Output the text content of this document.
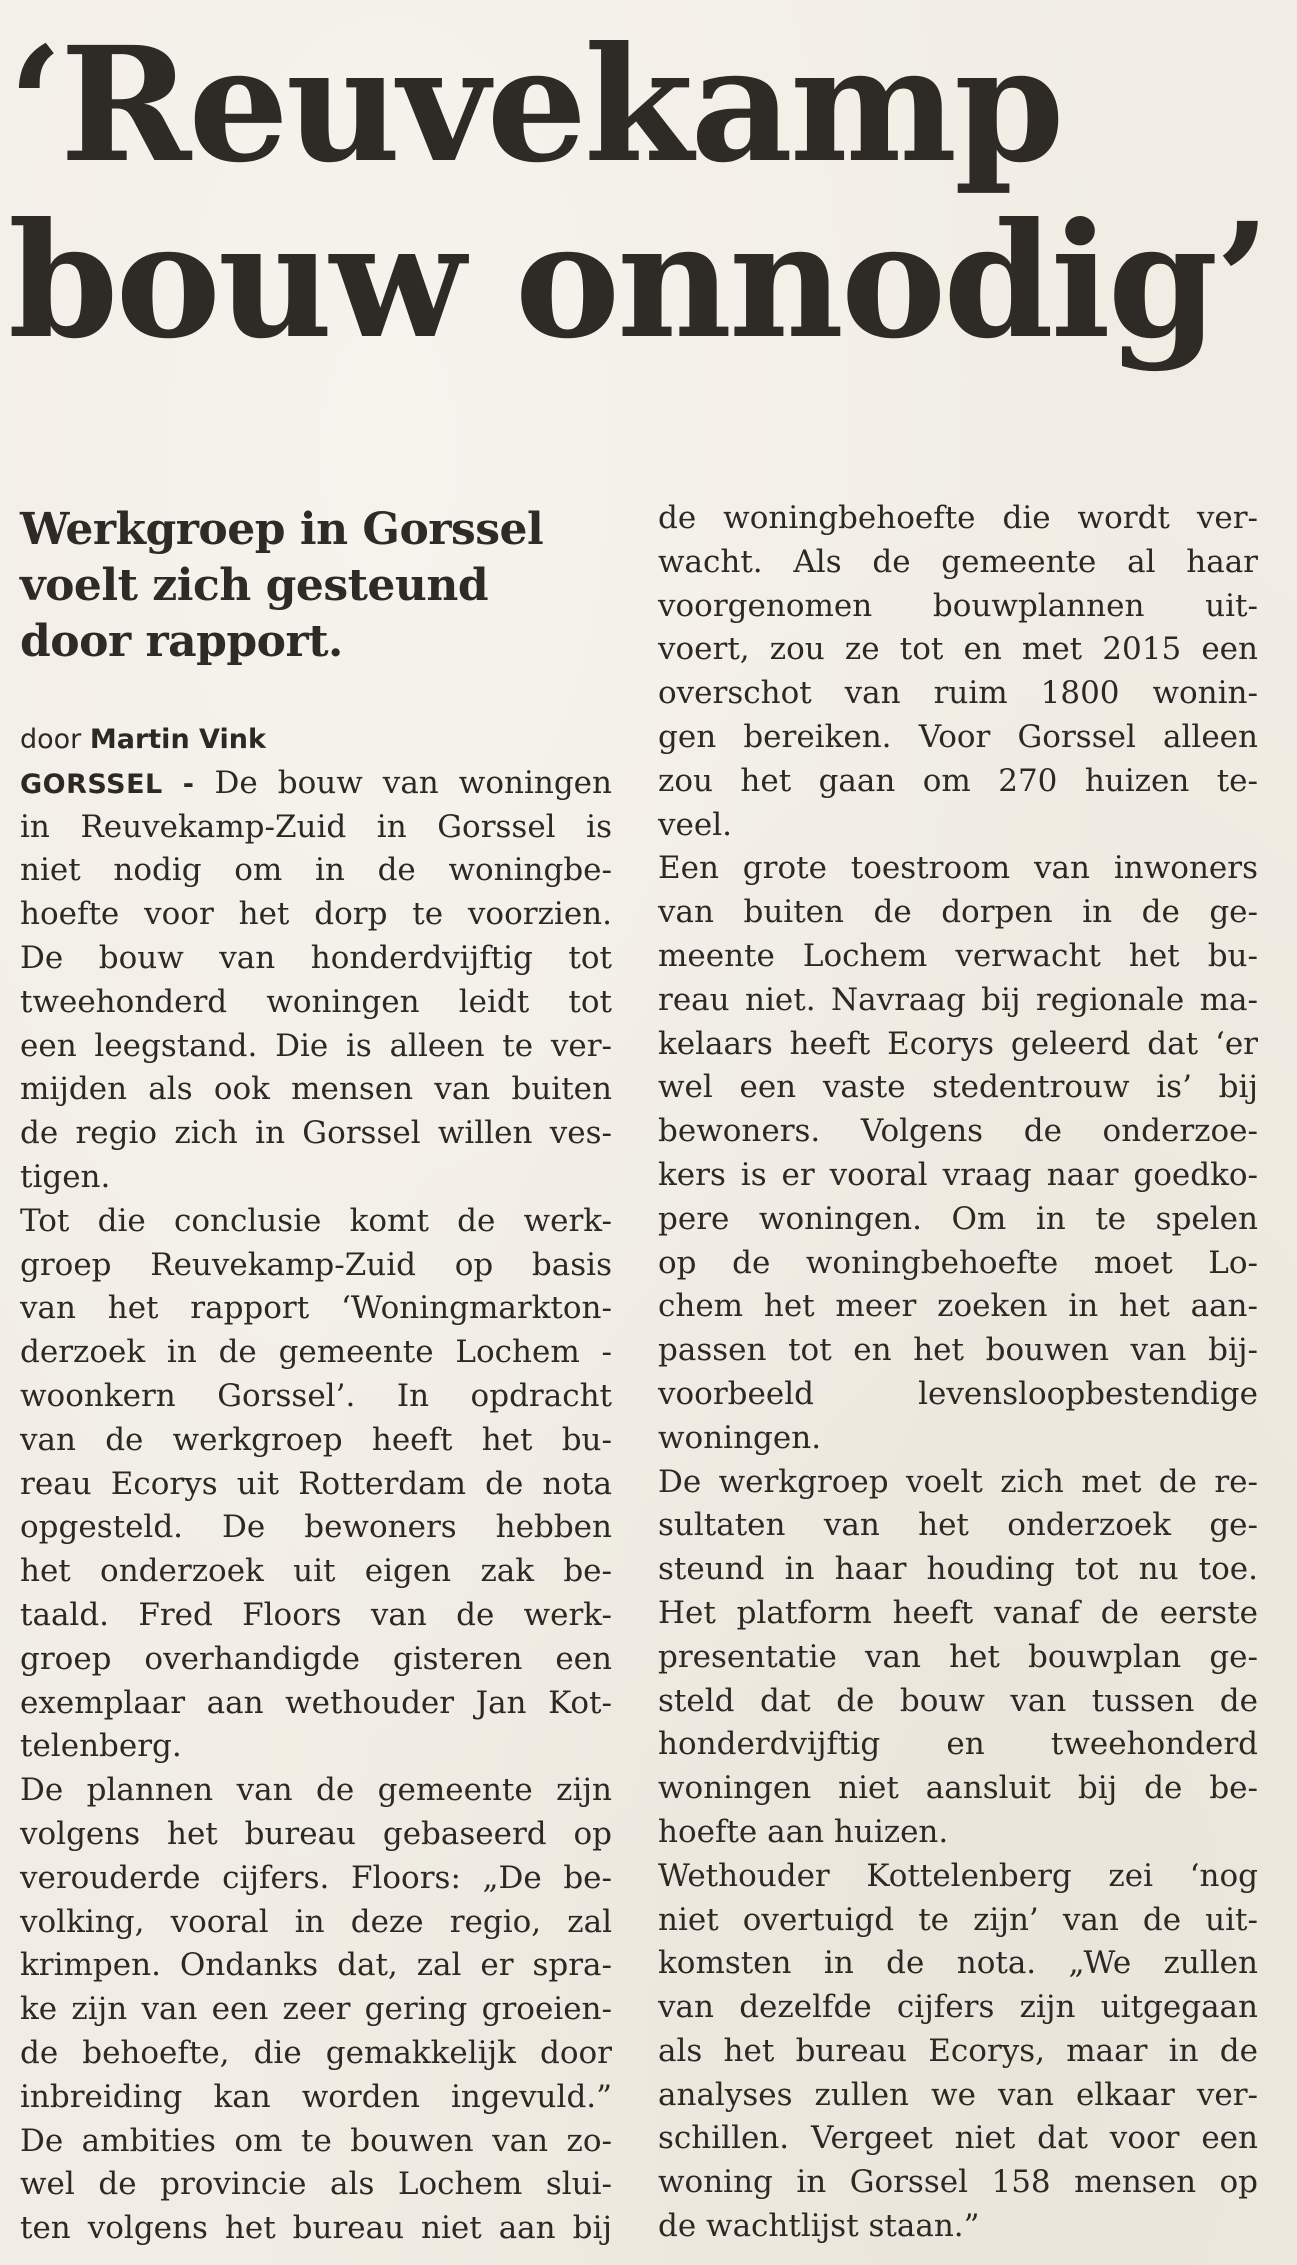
‘Reuvekamp
bouw onnodig’
Werkgroep in Gorssel
voelt zich gesteund
door rapport.
door Martin Vink
GORSSEL - De bouw van woningen
in Reuvekamp-Zuid in Gorssel is
niet nodig om in de woningbe-
hoefte voor het dorp te voorzien.
De bouw van honderdvijftig tot
tweehonderd woningen leidt tot
een leegstand. Die is alleen te ver-
mijden als ook mensen van buiten
de regio zich in Gorssel willen ves-
tigen.
Tot die conclusie komt de werk-
groep Reuvekamp-Zuid op basis
van het rapport ‘Woningmarkton-
derzoek in de gemeente Lochem -
woonkern Gorssel’. In opdracht
van de werkgroep heeft het bu-
reau Ecorys uit Rotterdam de nota
opgesteld. De bewoners hebben
het onderzoek uit eigen zak be-
taald. Fred Floors van de werk-
groep overhandigde gisteren een
exemplaar aan wethouder Jan Kot-
telenberg.
De plannen van de gemeente zijn
volgens het bureau gebaseerd op
verouderde cijfers. Floors: „De be-
volking, vooral in deze regio, zal
krimpen. Ondanks dat, zal er spra-
ke zijn van een zeer gering groeien-
de behoefte, die gemakkelijk door
inbreiding kan worden ingevuld.”
De ambities om te bouwen van zo-
wel de provincie als Lochem slui-
ten volgens het bureau niet aan bij
de woningbehoefte die wordt ver-
wacht. Als de gemeente al haar
voorgenomen bouwplannen uit-
voert, zou ze tot en met 2015 een
overschot van ruim 1800 wonin-
gen bereiken. Voor Gorssel alleen
zou het gaan om 270 huizen te-
veel.
Een grote toestroom van inwoners
van buiten de dorpen in de ge-
meente Lochem verwacht het bu-
reau niet. Navraag bij regionale ma-
kelaars heeft Ecorys geleerd dat ‘er
wel een vaste stedentrouw is’ bij
bewoners. Volgens de onderzoe-
kers is er vooral vraag naar goedko-
pere woningen. Om in te spelen
op de woningbehoefte moet Lo-
chem het meer zoeken in het aan-
passen tot en het bouwen van bij-
voorbeeld levensloopbestendige
woningen.
De werkgroep voelt zich met de re-
sultaten van het onderzoek ge-
steund in haar houding tot nu toe.
Het platform heeft vanaf de eerste
presentatie van het bouwplan ge-
steld dat de bouw van tussen de
honderdvijftig en tweehonderd
woningen niet aansluit bij de be-
hoefte aan huizen.
Wethouder Kottelenberg zei ‘nog
niet overtuigd te zijn’ van de uit-
komsten in de nota. „We zullen
van dezelfde cijfers zijn uitgegaan
als het bureau Ecorys, maar in de
analyses zullen we van elkaar ver-
schillen. Vergeet niet dat voor een
woning in Gorssel 158 mensen op
de wachtlijst staan.”
